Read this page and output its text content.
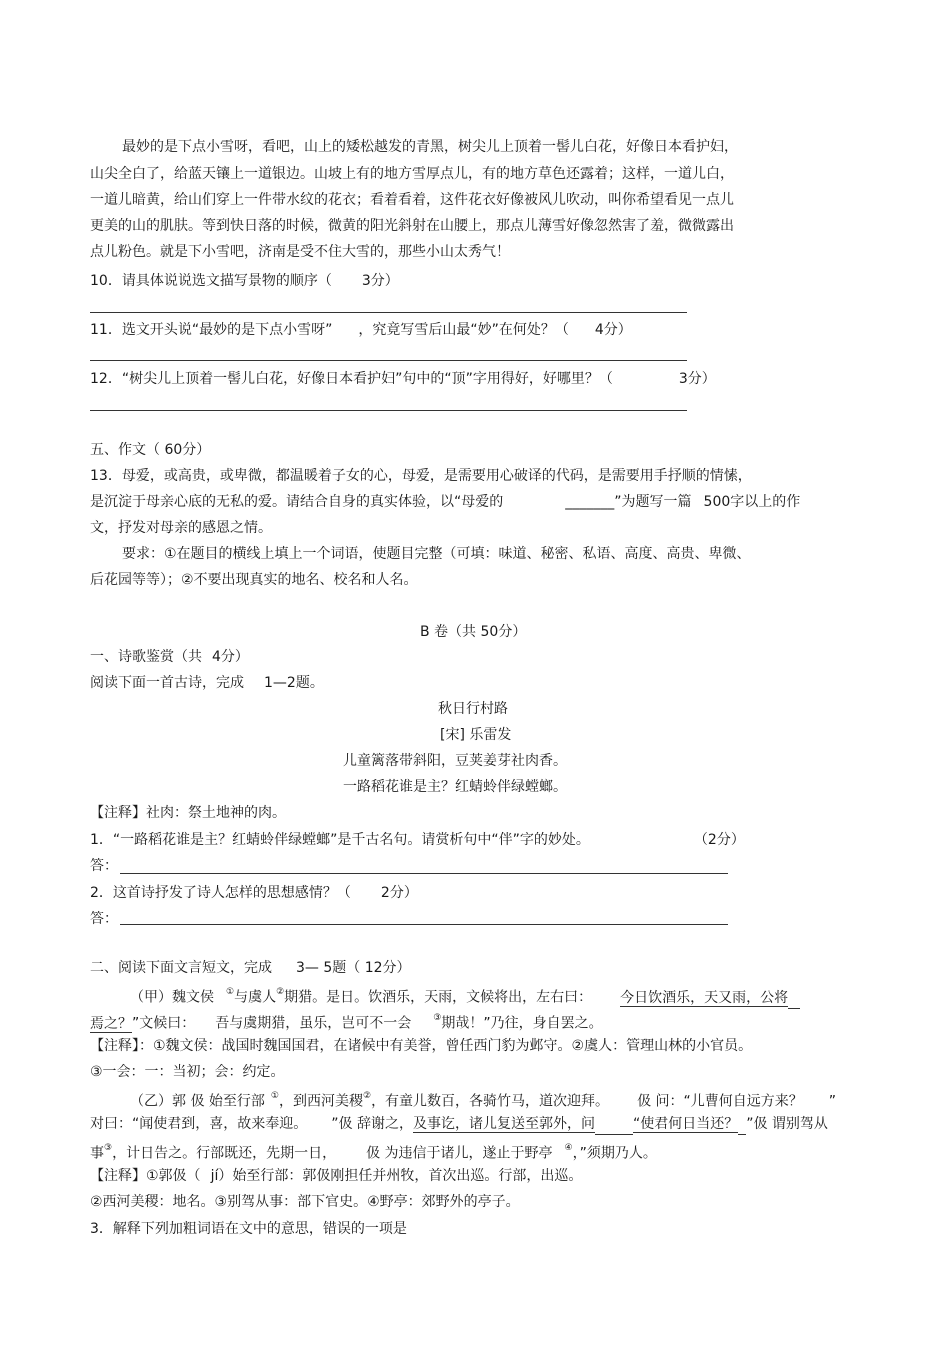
最妙的是下点小雪呀，看吧，山上的矮松越发的青黑，树尖儿上顶着一髻儿白花，好像日本看护妇，
山尖全白了，给蓝天镶上一道银边。山坡上有的地方雪厚点儿，有的地方草色还露着；这样，一道儿白，
一道儿暗黄，给山们穿上一件带水纹的花衣；看着看着，这件花衣好像被风儿吹动，叫你希望看见一点儿
更美的山的肌肤。等到快日落的时候，微黄的阳光斜射在山腰上，那点儿薄雪好像忽然害了羞，微微露出
点儿粉色。就是下小雪吧，济南是受不住大雪的，那些小山太秀气！
10．请具体说说选文描写景物的顺序（ 3分）
11．选文开头说“最妙的是下点小雪呀” ，究竟写雪后山最“妙”在何处？（ 4分）
12．“树尖儿上顶着一髻儿白花，好像日本看护妇”句中的“顶”字用得好，好哪里？（	3分）
五、作文（ 60分）
13．母爱，或高贵，或卑微，都温暖着子女的心，母爱，是需要用心破译的代码，是需要用手抒顺的情愫，
是沉淀于母亲心底的无私的爱。请结合自身的真实体验，以“母爱的	_______”为题写一篇 500字以上的作
文，抒发对母亲的感恩之情。
要求：①在题目的横线上填上一个词语，使题目完整（可填：味道、秘密、私语、高度、高贵、卑微、
后花园等等）；②不要出现真实的地名、校名和人名。
B 卷（共 50分）
一、诗歌鉴赏（共 4分）
阅读下面一首古诗，完成 1—2题。
秋日行村路
[宋] 乐雷发
儿童篱落带斜阳，豆荚姜芽社肉香。
一路稻花谁是主？红蜻蛉伴绿螳螂。
【注释】社肉：祭土地神的肉。
1．“一路稻花谁是主？红蜻蛉伴绿螳螂”是千古名句。请赏析句中“伴”字的妙处。	（2分）
答：
2．这首诗抒发了诗人怎样的思想感情？（ 2分）
答：
二、阅读下面文言短文，完成 3— 5题（ 12分）
（甲）魏文侯 ①与虞人②期猎。是日。饮酒乐，天雨，文候将出，左右曰： 今日饮酒乐，天又雨，公将
焉之？”文候曰： 吾与虞期猎，虽乐，岂可不一会 ③期哉！”乃往，身自罢之。
【注释】：①魏文侯：战国时魏国国君，在诸候中有美誉，曾任西门豹为邺守。②虞人：管理山林的小官员。
③一会：一：当初；会：约定。
（乙）郭 伋 始至行部 ①，到西河美稷②，有童儿数百，各骑竹马，道次迎拜。 伋 问：“儿曹何自远方来？ ”
对曰：“闻使君到，喜，故来奉迎。 ”伋 辞谢之，及事讫，诸儿复送至郭外，问	“使君何日当还？ ”伋 谓别驾从
事③，计日告之。行部既还，先期一日， 伋 为违信于诸儿，遂止于野亭 ④，”须期乃人。
【注释】①郭伋（ jí）始至行部：郭伋刚担任并州牧，首次出巡。行部，出巡。
②西河美稷：地名。③别驾从事：部下官史。④野亭：郊野外的亭子。
3．解释下列加粗词语在文中的意思，错误的一项是
